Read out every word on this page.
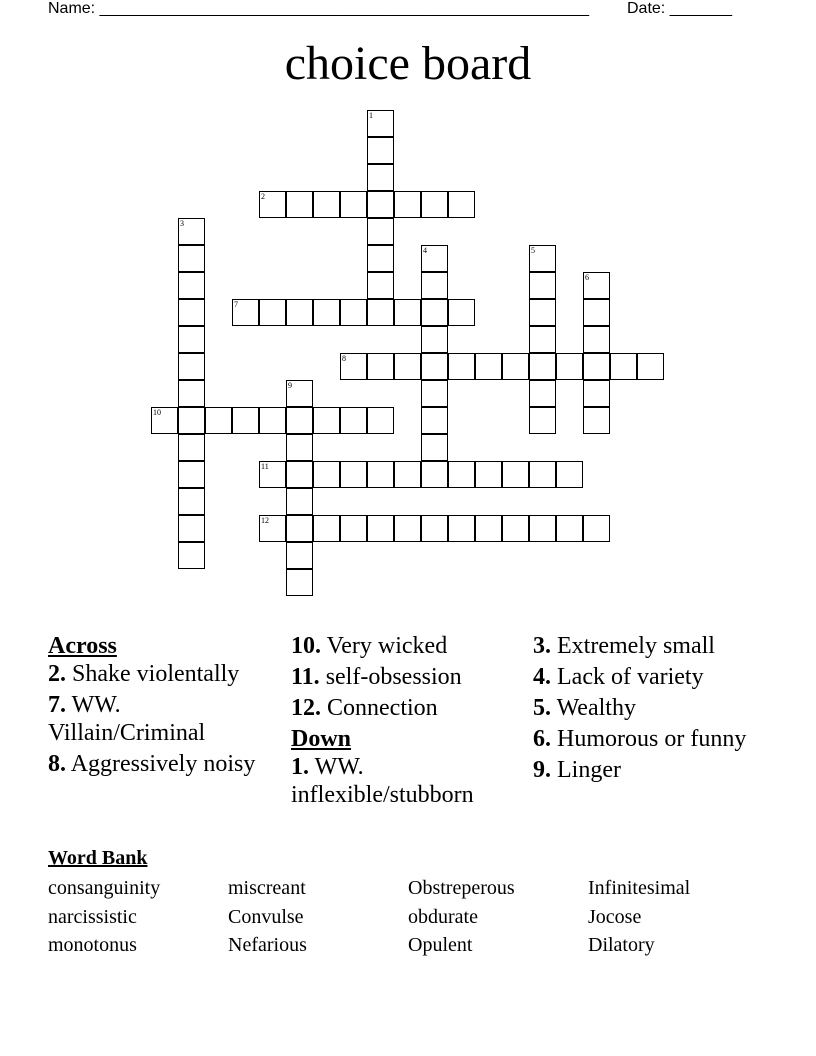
Name: _______________________________________________________ Date: _______
choice board
1
2
3
4	5
6
7
8
9
10
11
12
Across
2. Shake violentally
7. WW. Villain/Criminal
8. Aggressively noisy
10. Very wicked
11. self-obsession
12. Connection
Down
1. WW. inflexible/stubborn
3. Extremely small
4. Lack of variety
5. Wealthy
6. Humorous or funny
9. Linger
Word Bank
consanguinity	miscreant	Obstreperous	Infinitesimal
narcissistic	Convulse	obdurate	Jocose
monotonus	Nefarious	Opulent	Dilatory
